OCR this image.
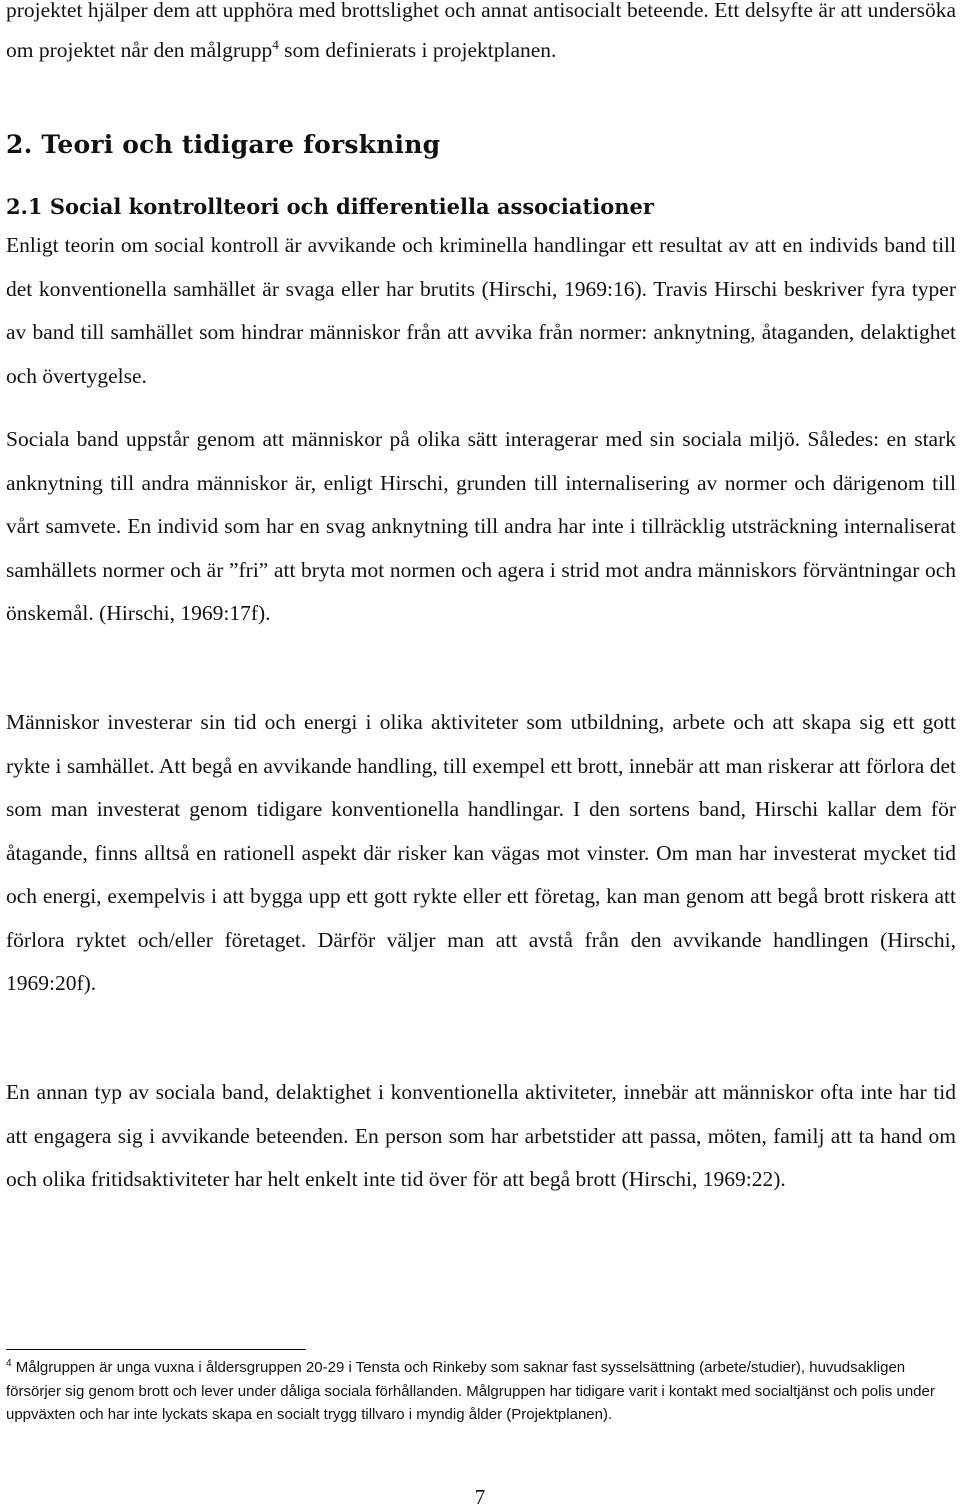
projektet hjälper dem att upphöra med brottslighet och annat antisocialt beteende. Ett delsyfte är att undersöka om projektet når den målgrupp$^4$ som definierats i projektplanen.

2. Teori och tidigare forskning
2.1 Social kontrollteori och differentiella associationer

Enligt teorin om social kontroll är avvikande och kriminella handlingar ett resultat av att en individs band till det konventionella samhället är svaga eller har brutits (Hirschi, 1969:16). Travis Hirschi beskriver fyra typer av band till samhället som hindrar människor från att avvika från normer: anknytning, åtaganden, delaktighet och övertygelse.

Sociala band uppstår genom att människor på olika sätt interagerar med sin sociala miljö. Således: en stark anknytning till andra människor är, enligt Hirschi, grunden till internalisering av normer och därigenom till vårt samvete. En individ som har en svag anknytning till andra har inte i tillräcklig utsträckning internaliserat samhällets normer och är ”fri” att bryta mot normen och agera i strid mot andra människors förväntningar och önskemål. (Hirschi, 1969:17f).

Människor investerar sin tid och energi i olika aktiviteter som utbildning, arbete och att skapa sig ett gott rykte i samhället. Att begå en avvikande handling, till exempel ett brott, innebär att man riskerar att förlora det som man investerat genom tidigare konventionella handlingar. I den sortens band, Hirschi kallar dem för åtagande, finns alltså en rationell aspekt där risker kan vägas mot vinster. Om man har investerat mycket tid och energi, exempelvis i att bygga upp ett gott rykte eller ett företag, kan man genom att begå brott riskera att förlora ryktet och/eller företaget. Därför väljer man att avstå från den avvikande handlingen (Hirschi, 1969:20f).

En annan typ av sociala band, delaktighet i konventionella aktiviteter, innebär att människor ofta inte har tid att engagera sig i avvikande beteenden. En person som har arbetstider att passa, möten, familj att ta hand om och olika fritidsaktiviteter har helt enkelt inte tid över för att begå brott (Hirschi, 1969:22).

$^4$ Målgruppen är unga vuxna i åldersgruppen 20-29 i Tensta och Rinkeby som saknar fast sysselsättning (arbete/studier), huvudsakligen försörjer sig genom brott och lever under dåliga sociala förhållanden. Målgruppen har tidigare varit i kontakt med socialtjänst och polis under uppväxten och har inte lyckats skapa en socialt trygg tillvaro i myndig ålder (Projektplanen).

7
